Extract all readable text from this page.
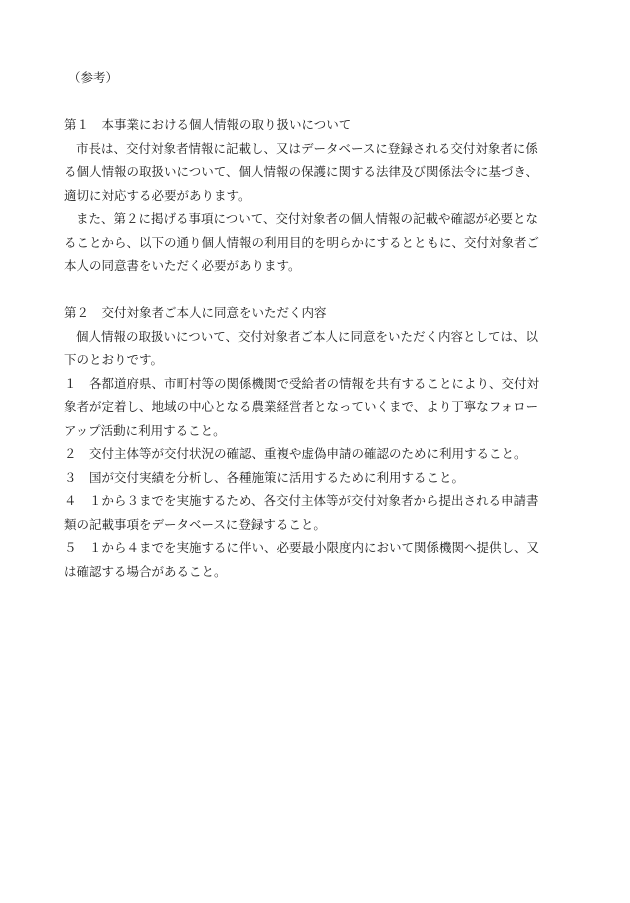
（参考）
第１　本事業における個人情報の取り扱いについて
市長は、交付対象者情報に記載し、又はデータベースに登録される交付対象者に係
る個人情報の取扱いについて、個人情報の保護に関する法律及び関係法令に基づき、
適切に対応する必要があります。
また、第２に掲げる事項について、交付対象者の個人情報の記載や確認が必要とな
ることから、以下の通り個人情報の利用目的を明らかにするとともに、交付対象者ご
本人の同意書をいただく必要があります。
第２　交付対象者ご本人に同意をいただく内容
個人情報の取扱いについて、交付対象者ご本人に同意をいただく内容としては、以
下のとおりです。
１　各都道府県、市町村等の関係機関で受給者の情報を共有することにより、交付対
象者が定着し、地域の中心となる農業経営者となっていくまで、より丁寧なフォロー
アップ活動に利用すること。
２　交付主体等が交付状況の確認、重複や虚偽申請の確認のために利用すること。
３　国が交付実績を分析し、各種施策に活用するために利用すること。
４　１から３までを実施するため、各交付主体等が交付対象者から提出される申請書
類の記載事項をデータベースに登録すること。
５　１から４までを実施するに伴い、必要最小限度内において関係機関へ提供し、又
は確認する場合があること。
